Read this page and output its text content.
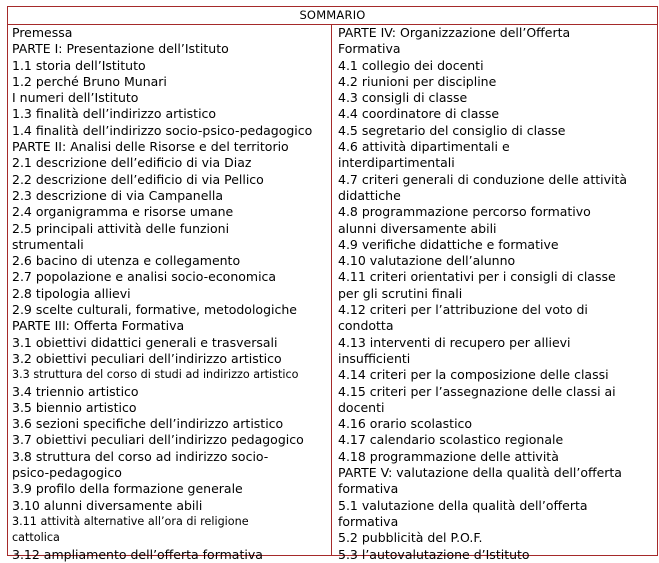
SOMMARIO
Premessa
PARTE I: Presentazione dell’Istituto
1.1 storia dell’Istituto
1.2 perché Bruno Munari
I numeri dell’Istituto
1.3 finalità dell’indirizzo artistico
1.4 finalità dell’indirizzo socio-psico-pedagogico
PARTE II: Analisi delle Risorse e del territorio
2.1 descrizione dell’edificio di via Diaz
2.2 descrizione dell’edificio di via Pellico
2.3 descrizione di via Campanella
2.4 organigramma e risorse umane
2.5 principali attività delle funzioni
strumentali
2.6 bacino di utenza e collegamento
2.7 popolazione e analisi socio-economica
2.8 tipologia allievi
2.9 scelte culturali, formative, metodologiche
PARTE III: Offerta Formativa
3.1 obiettivi didattici generali e trasversali
3.2 obiettivi peculiari dell’indirizzo artistico
3.3 struttura del corso di studi ad indirizzo artistico
3.4 triennio artistico
3.5 biennio artistico
3.6 sezioni specifiche dell’indirizzo artistico
3.7 obiettivi peculiari dell’indirizzo pedagogico
3.8 struttura del corso ad indirizzo socio-
psico-pedagogico
3.9 profilo della formazione generale
3.10 alunni diversamente abili
3.11 attività alternative all’ora di religione
cattolica
3.12 ampliamento dell’offerta formativa
PARTE IV: Organizzazione dell’Offerta
Formativa
4.1 collegio dei docenti
4.2 riunioni per discipline
4.3 consigli di classe
4.4 coordinatore di classe
4.5 segretario del consiglio di classe
4.6 attività dipartimentali e
interdipartimentali
4.7 criteri generali di conduzione delle attività
didattiche
4.8 programmazione percorso formativo
alunni diversamente abili
4.9 verifiche didattiche e formative
4.10 valutazione dell’alunno
4.11 criteri orientativi per i consigli di classe
per gli scrutini finali
4.12 criteri per l’attribuzione del voto di
condotta
4.13 interventi di recupero per allievi
insufficienti
4.14 criteri per la composizione delle classi
4.15 criteri per l’assegnazione delle classi ai
docenti
4.16 orario scolastico
4.17 calendario scolastico regionale
4.18 programmazione delle attività
PARTE V: valutazione della qualità dell’offerta
formativa
5.1 valutazione della qualità dell’offerta
formativa
5.2 pubblicità del P.O.F.
5.3 l’autovalutazione d’Istituto
